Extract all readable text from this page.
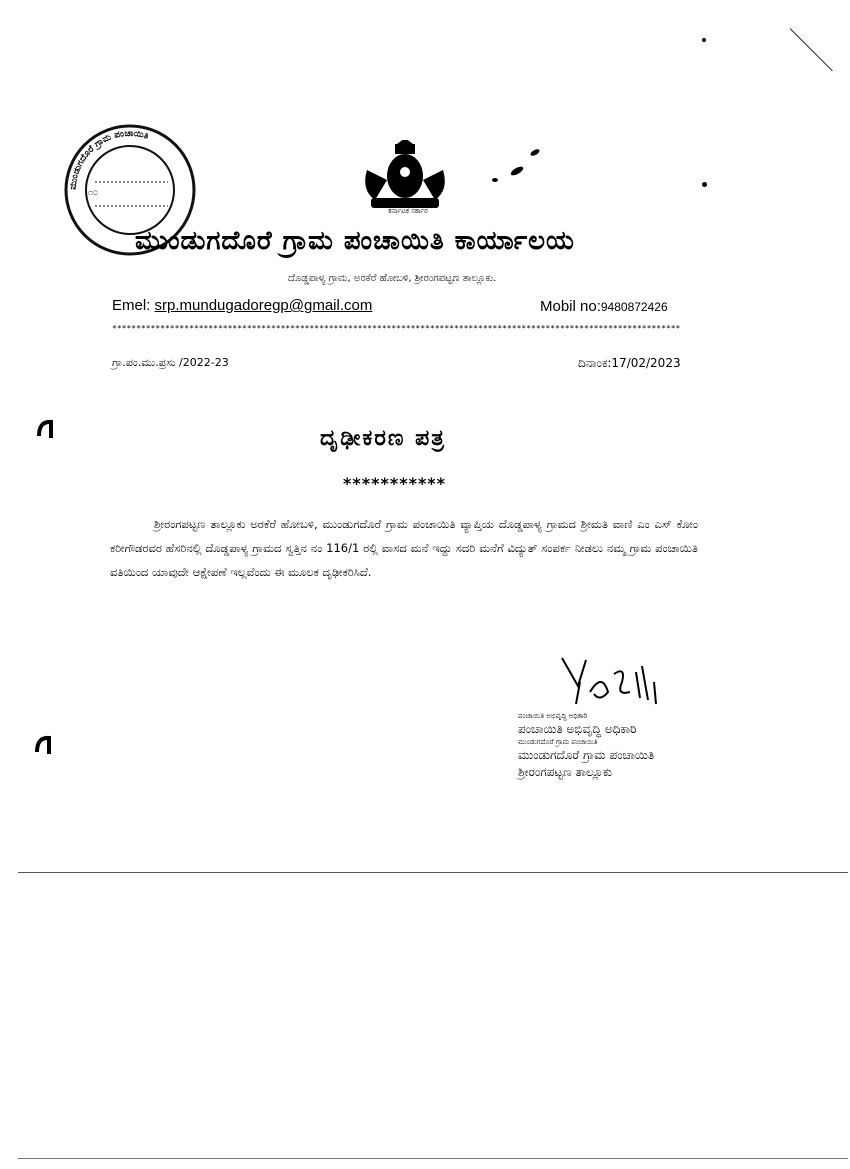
೧೦
ಮುಂಡುಗದೊರೆ ಗ್ರಾಮ ಪಂಚಾಯಿತಿ
ಕರ್ನಾಟಕ ಸರ್ಕಾರ
ಮುಂಡುಗದೊರೆ ಗ್ರಾಮ ಪಂಚಾಯಿತಿ ಕಾರ್ಯಾಲಯ
ದೊಡ್ಡಪಾಳ್ಯ ಗ್ರಾಮ, ಅರಕೆರೆ ಹೋಬಳಿ, ಶ್ರೀರಂಗಪಟ್ಟಣ ತಾಲ್ಲೂಕು.
Emel: srp.mundugadoregp@gmail.com	Mobil no:9480872426
**********************************************************************************************************************
ಗ್ರಾ.ಪಂ.ಮು.ಪ್ರಸು /2022-23	ದಿನಾಂಕ:17/02/2023
ದೃಢೀಕರಣ ಪತ್ರ
***********
ಶ್ರೀರಂಗಪಟ್ಟಣ ತಾಲ್ಲೂಕು ಅರಕೆರೆ ಹೋಬಳಿ, ಮುಂಡುಗದೊರೆ ಗ್ರಾಮ ಪಂಚಾಯಿತಿ ವ್ಯಾಪ್ತಿಯ ದೊಡ್ಡಪಾಳ್ಯ ಗ್ರಾಮದ ಶ್ರೀಮತಿ ವಾಣಿ ಎಂ ಎಸ್ ಕೋಂ ಕರೀಗೌಡರವರ ಹೆಸರಿನಲ್ಲಿ ದೊಡ್ಡಪಾಳ್ಯ ಗ್ರಾಮದ ಸ್ವತ್ತಿನ ನಂ 116/1 ರಲ್ಲಿ ವಾಸದ ಮನೆ ಇದ್ದು ಸದರಿ ಮನೆಗೆ ವಿದ್ಯುತ್ ಸಂಪರ್ಕ ನೀಡಲು ನಮ್ಮ ಗ್ರಾಮ ಪಂಚಾಯಿತಿ ವತಿಯಿಂದ ಯಾವುದೇ ಆಕ್ಷೇಪಣೆ ಇಲ್ಲವೆಂದು ಈ ಮೂಲಕ ದೃಢೀಕರಿಸಿದೆ.
ಪಂಚಾಯಿತಿ ಅಭಿವೃದ್ಧಿ ಅಧಿಕಾರಿ
ಪಂಚಾಯಿತಿ ಅಭಿವೃದ್ಧಿ ಅಧಿಕಾರಿ
ಮುಂಡುಗದೊರೆ ಗ್ರಾಮ ಪಂಚಾಯಿತಿ
ಮುಂಡುಗದೊರೆ ಗ್ರಾಮ ಪಂಚಾಯಿತಿ
ಶ್ರೀರಂಗಪಟ್ಟಣ ತಾಲ್ಲೂಕು
